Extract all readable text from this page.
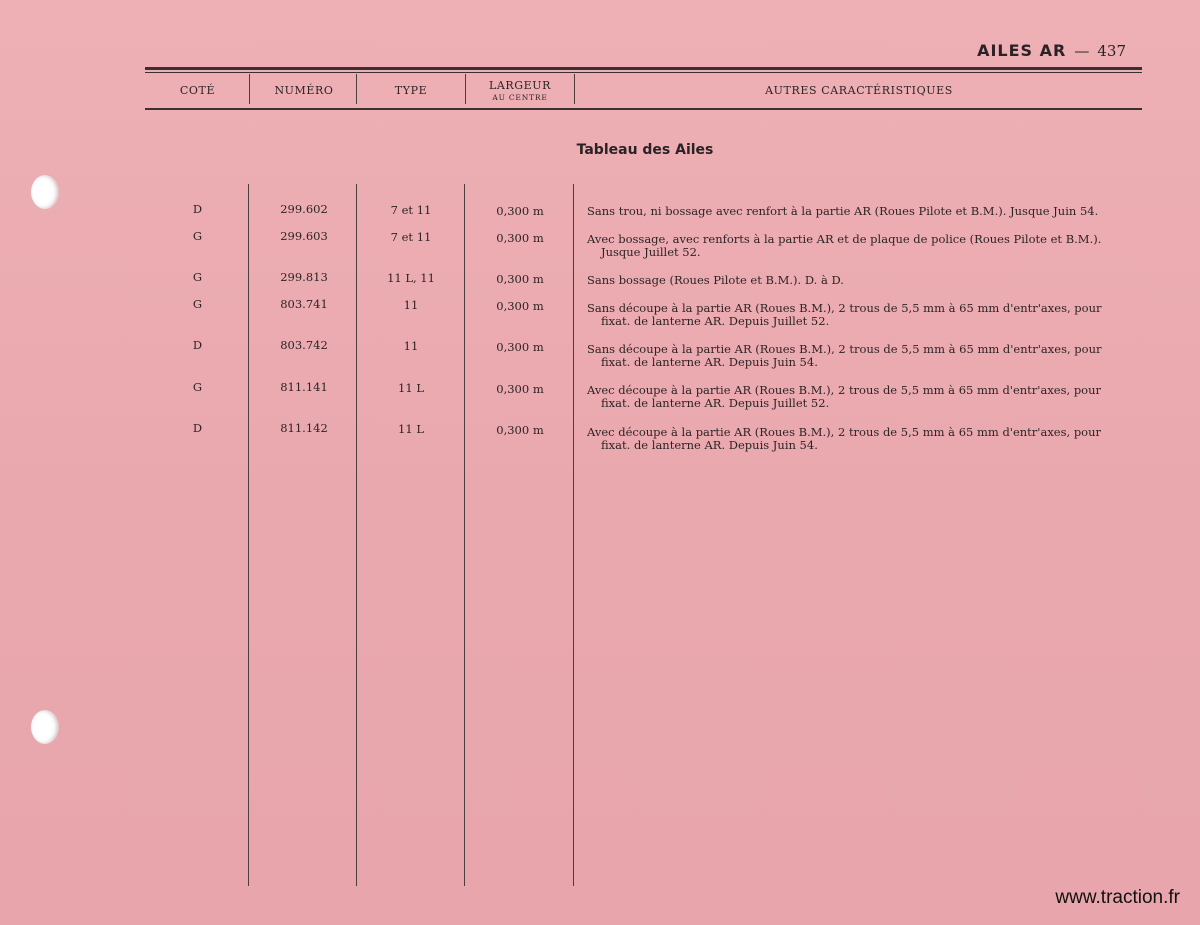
AILES AR — 437
COTÉ	NUMÉRO	TYPE	LARGEUR
AU CENTRE
AUTRES CARACTÉRISTIQUES
Tableau des Ailes
D	299.602	7 et 11	0,300 m	Sans trou, ni bossage avec renfort à la partie AR (Roues Pilote et B.M.). Jusque Juin 54.
G	299.603	7 et 11	0,300 m	Avec bossage, avec renforts à la partie AR et de plaque de police (Roues Pilote et B.M.).
Jusque Juillet 52.
G	299.813	11 L, 11	0,300 m	Sans bossage (Roues Pilote et B.M.). D. à D.
G	803.741	11	0,300 m	Sans découpe à la partie AR (Roues B.M.), 2 trous de 5,5 mm à 65 mm d'entr'axes, pour
fixat. de lanterne AR. Depuis Juillet 52.
D	803.742	11	0,300 m	Sans découpe à la partie AR (Roues B.M.), 2 trous de 5,5 mm à 65 mm d'entr'axes, pour
fixat. de lanterne AR. Depuis Juin 54.
G	811.141	11 L	0,300 m	Avec découpe à la partie AR (Roues B.M.), 2 trous de 5,5 mm à 65 mm d'entr'axes, pour
fixat. de lanterne AR. Depuis Juillet 52.
D	811.142	11 L	0,300 m	Avec découpe à la partie AR (Roues B.M.), 2 trous de 5,5 mm à 65 mm d'entr'axes, pour
fixat. de lanterne AR. Depuis Juin 54.
www.traction.fr
